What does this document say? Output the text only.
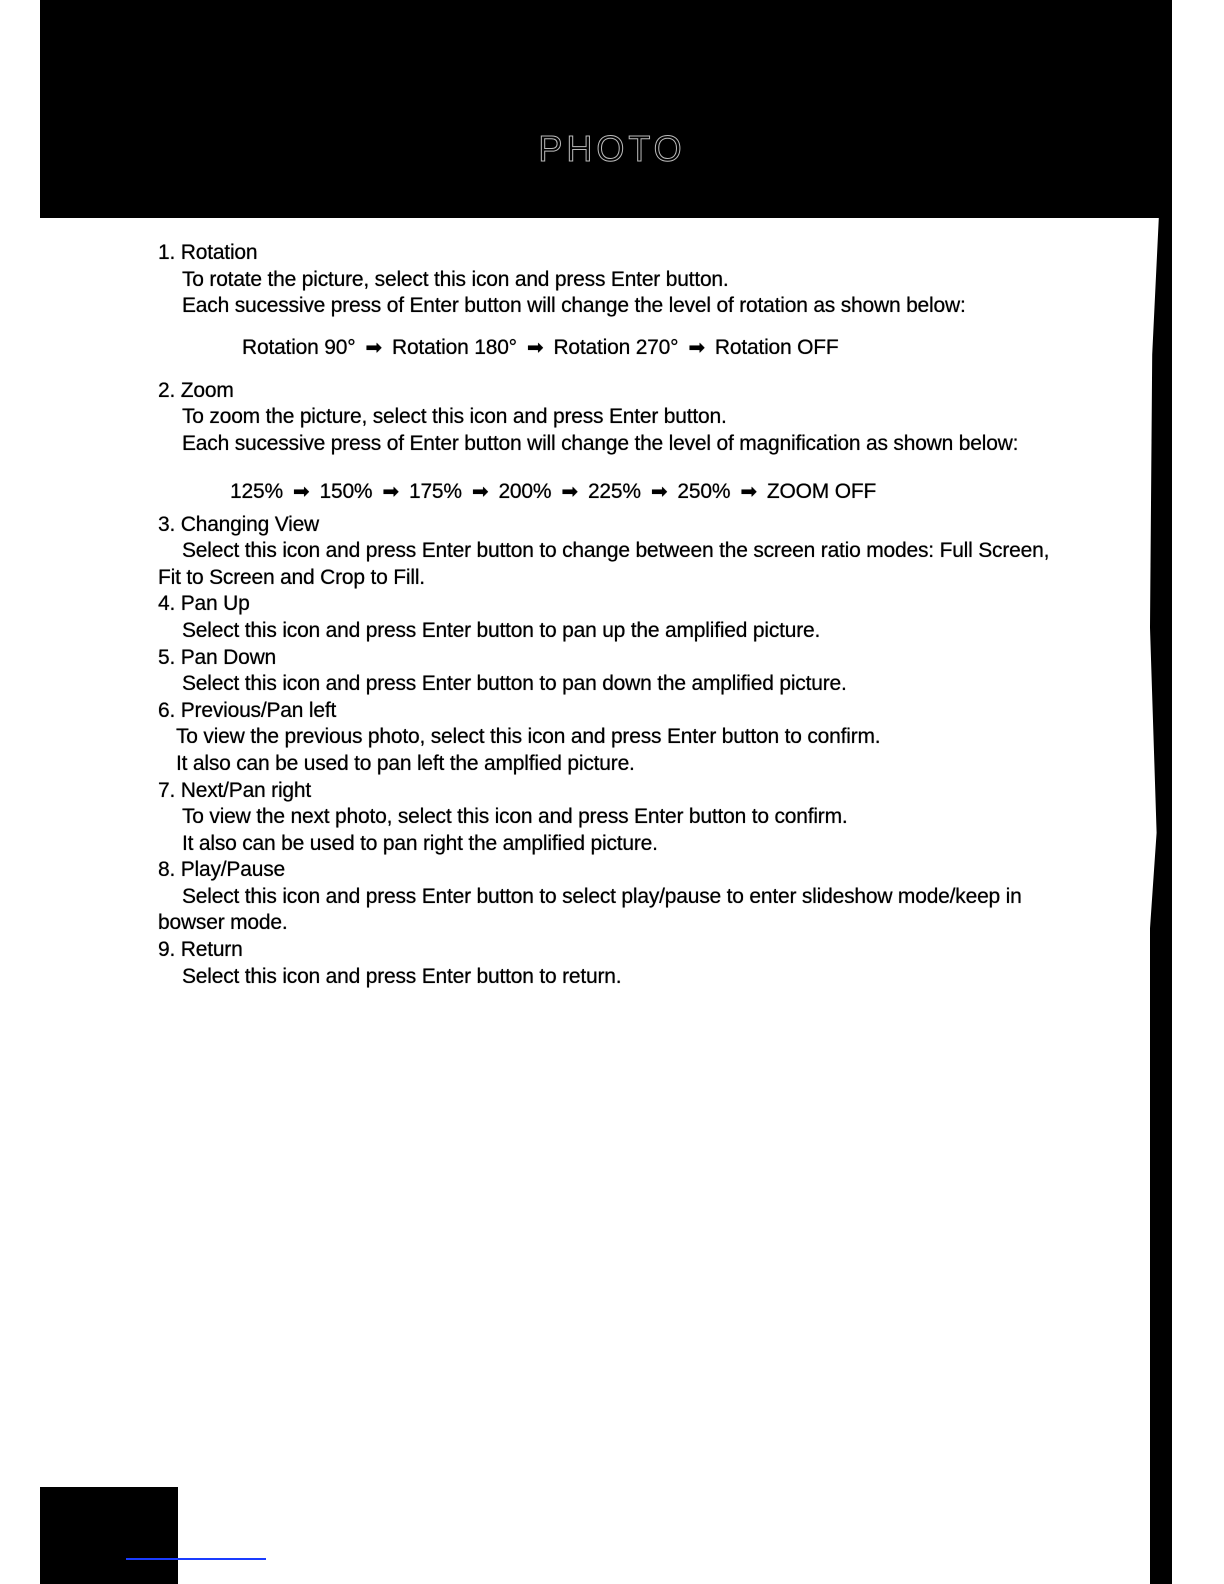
PHOTO

1. Rotation

To rotate the picture, select this icon and press Enter button.

Each sucessive press of Enter button will change the level of rotation as shown below:

Rotation 90° ➡ Rotation 180° ➡ Rotation 270° ➡ Rotation OFF

2. Zoom

To zoom the picture, select this icon and press Enter button.

Each sucessive press of Enter button will change the level of magnification as shown below:

125% ➡ 150% ➡ 175% ➡ 200% ➡ 225% ➡ 250% ➡ ZOOM OFF

3. Changing View

Select this icon and press Enter button to change between the screen ratio modes: Full Screen,

Fit to Screen and Crop to Fill.

4. Pan Up

Select this icon and press Enter button to pan up the amplified picture.

5. Pan Down

Select this icon and press Enter button to pan down the amplified picture.

6. Previous/Pan left

To view the previous photo, select this icon and press Enter button to confirm.

It also can be used to pan left the amplfied picture.

7. Next/Pan right

To view the next photo, select this icon and press Enter button to confirm.

It also can be used to pan right the amplified picture.

8. Play/Pause

Select this icon and press Enter button to select play/pause to enter slideshow mode/keep in

bowser mode.

9. Return

Select this icon and press Enter button to return.
